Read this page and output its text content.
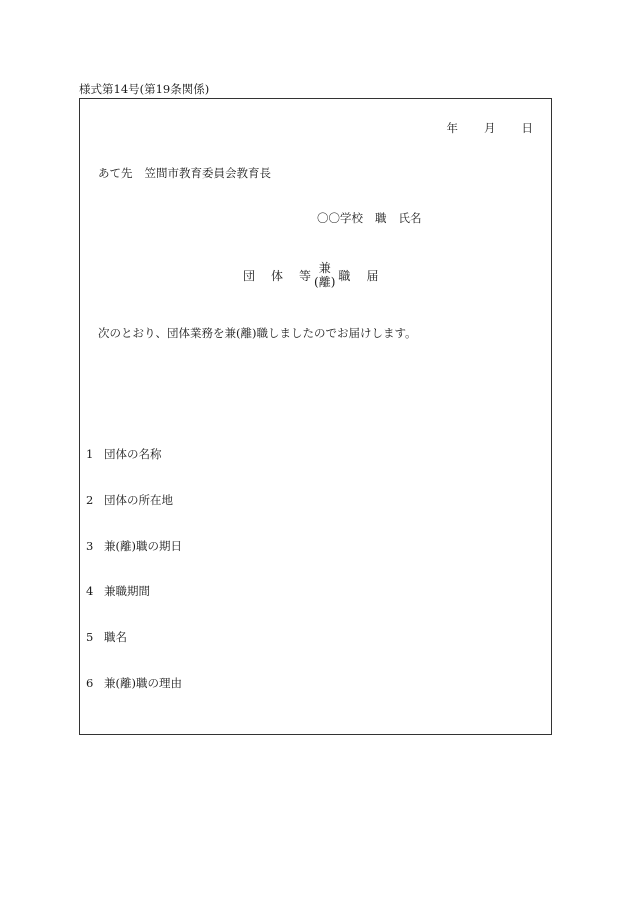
様式第14号(第19条関係)
年 月 日
あて先 笠間市教育委員会教育長
〇〇学校 職 氏名
団 体 等
兼
(離) 職 届
次のとおり、団体業務を兼(離)職しましたのでお届けします。
1 団体の名称
2 団体の所在地
3 兼(離)職の期日
4 兼職期間
5 職名
6 兼(離)職の理由
